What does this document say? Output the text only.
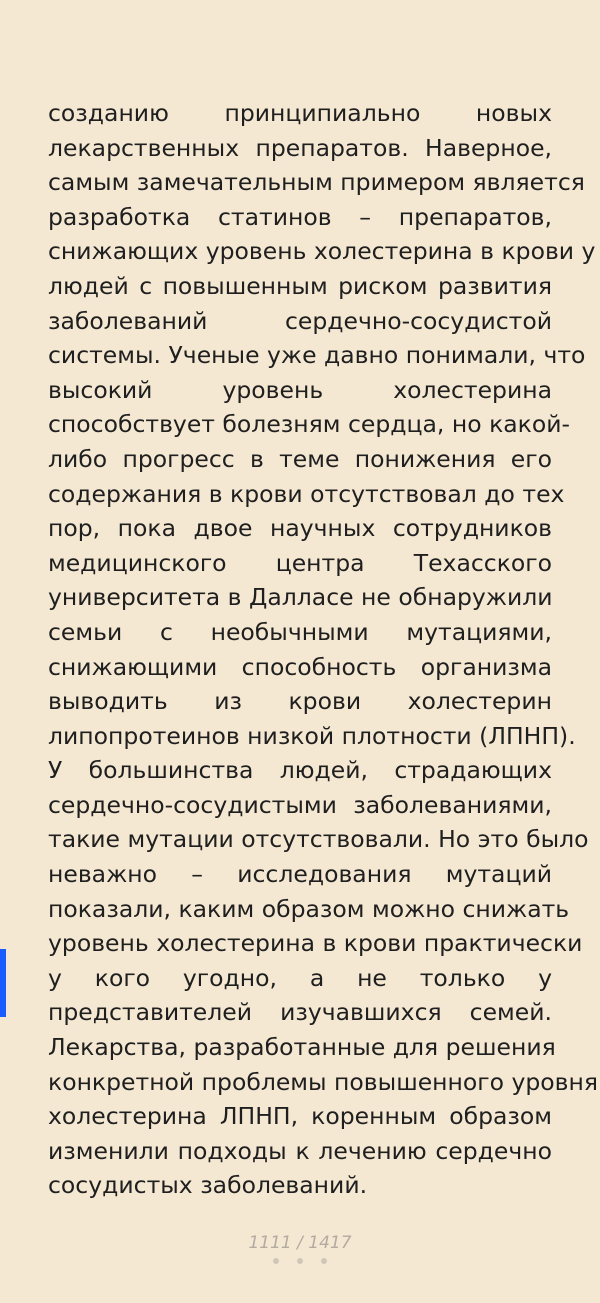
созданию принципиально новых
лекарственных препаратов. Наверное,
самым замечательным примером является
разработка статинов – препаратов,
снижающих уровень холестерина в крови у
людей с повышенным риском развития
заболеваний сердечно-сосудистой
системы. Ученые уже давно понимали, что
высокий уровень холестерина
способствует болезням сердца, но какой-
либо прогресс в теме понижения его
содержания в крови отсутствовал до тех
пор, пока двое научных сотрудников
медицинского центра Техасского
университета в Далласе не обнаружили
семьи с необычными мутациями,
снижающими способность организма
выводить из крови холестерин
липопротеинов низкой плотности (ЛПНП).
У большинства людей, страдающих
сердечно-сосудистыми заболеваниями,
такие мутации отсутствовали. Но это было
неважно – исследования мутаций
показали, каким образом можно снижать
уровень холестерина в крови практически
у кого угодно, а не только у
представителей изучавшихся семей.
Лекарства, разработанные для решения
конкретной проблемы повышенного уровня
холестерина ЛПНП, коренным образом
изменили подходы к лечению сердечно
сосудистых заболеваний.
1111 / 1417
